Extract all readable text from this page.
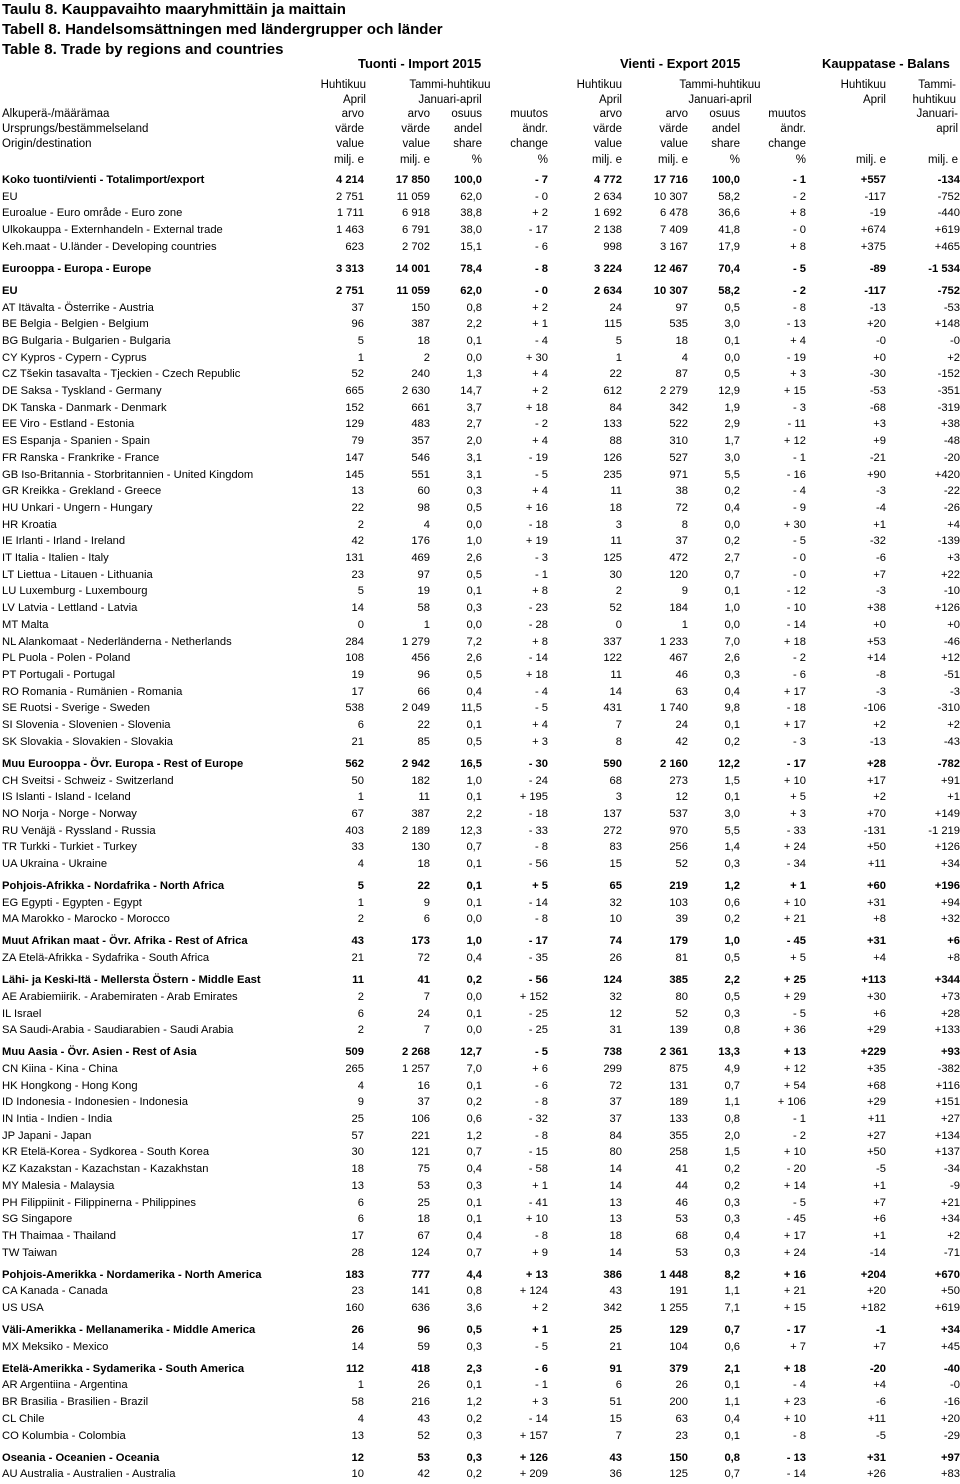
Taulu 8. Kauppavaihto maaryhmittäin ja maittain
Tabell 8. Handelsomsättningen med ländergrupper och länder
Table 8. Trade by regions and countries
Tuonti - Import 2015	Vienti - Export 2015	Kauppatase - Balans
Huhtikuu	Tammi-huhtikuu	Huhtikuu	Tammi-huhtikuu	Huhtikuu	Tammi-
April	Januari-april	April	Januari-april	April	huhtikuu
Alkuperä-/määrämaa
Ursprungs/bestämmelseland
Origin/destination
arvo	arvo	osuus	muutos	arvo	arvo	osuus	muutos	Januari-
värde	värde	andel	ändr.	värde	värde	andel	ändr.	april
value	value	share	change	value	value	share	change
milj. e	milj. e	%	%	milj. e	milj. e	%	%	milj. e	milj. e
Koko tuonti/vienti - Totalimport/export	4 214	17 850	100,0	- 7	4 772	17 716	100,0	- 1	+557	-134
EU	2 751	11 059	62,0	- 0	2 634	10 307	58,2	- 2	-117	-752
Euroalue - Euro område - Euro zone	1 711	6 918	38,8	+ 2	1 692	6 478	36,6	+ 8	-19	-440
Ulkokauppa - Externhandeln - External trade	1 463	6 791	38,0	- 17	2 138	7 409	41,8	- 0	+674	+619
Keh.maat - U.länder - Developing countries	623	2 702	15,1	- 6	998	3 167	17,9	+ 8	+375	+465

Eurooppa - Europa - Europe	3 313	14 001	78,4	- 8	3 224	12 467	70,4	- 5	-89	-1 534

EU	2 751	11 059	62,0	- 0	2 634	10 307	58,2	- 2	-117	-752
AT Itävalta - Österrike - Austria	37	150	0,8	+ 2	24	97	0,5	- 8	-13	-53
BE Belgia - Belgien - Belgium	96	387	2,2	+ 1	115	535	3,0	- 13	+20	+148
BG Bulgaria - Bulgarien - Bulgaria	5	18	0,1	- 4	5	18	0,1	+ 4	-0	-0
CY Kypros - Cypern - Cyprus	1	2	0,0	+ 30	1	4	0,0	- 19	+0	+2
CZ Tšekin tasavalta - Tjeckien - Czech Republic	52	240	1,3	+ 4	22	87	0,5	+ 3	-30	-152
DE Saksa - Tyskland - Germany	665	2 630	14,7	+ 2	612	2 279	12,9	+ 15	-53	-351
DK Tanska - Danmark - Denmark	152	661	3,7	+ 18	84	342	1,9	- 3	-68	-319
EE Viro - Estland - Estonia	129	483	2,7	- 2	133	522	2,9	- 11	+3	+38
ES Espanja - Spanien - Spain	79	357	2,0	+ 4	88	310	1,7	+ 12	+9	-48
FR Ranska - Frankrike - France	147	546	3,1	- 19	126	527	3,0	- 1	-21	-20
GB Iso-Britannia - Storbritannien - United Kingdom	145	551	3,1	- 5	235	971	5,5	- 16	+90	+420
GR Kreikka - Grekland - Greece	13	60	0,3	+ 4	11	38	0,2	- 4	-3	-22
HU Unkari - Ungern - Hungary	22	98	0,5	+ 16	18	72	0,4	- 9	-4	-26
HR Kroatia	2	4	0,0	- 18	3	8	0,0	+ 30	+1	+4
IE Irlanti - Irland - Ireland	42	176	1,0	+ 19	11	37	0,2	- 5	-32	-139
IT Italia - Italien - Italy	131	469	2,6	- 3	125	472	2,7	- 0	-6	+3
LT Liettua - Litauen - Lithuania	23	97	0,5	- 1	30	120	0,7	- 0	+7	+22
LU Luxemburg - Luxembourg	5	19	0,1	+ 8	2	9	0,1	- 12	-3	-10
LV Latvia - Lettland - Latvia	14	58	0,3	- 23	52	184	1,0	- 10	+38	+126
MT Malta	0	1	0,0	- 28	0	1	0,0	- 14	+0	+0
NL Alankomaat - Nederländerna - Netherlands	284	1 279	7,2	+ 8	337	1 233	7,0	+ 18	+53	-46
PL Puola - Polen - Poland	108	456	2,6	- 14	122	467	2,6	- 2	+14	+12
PT Portugali - Portugal	19	96	0,5	+ 18	11	46	0,3	- 6	-8	-51
RO Romania - Rumänien - Romania	17	66	0,4	- 4	14	63	0,4	+ 17	-3	-3
SE Ruotsi - Sverige - Sweden	538	2 049	11,5	- 5	431	1 740	9,8	- 18	-106	-310
SI Slovenia - Slovenien - Slovenia	6	22	0,1	+ 4	7	24	0,1	+ 17	+2	+2
SK Slovakia - Slovakien - Slovakia	21	85	0,5	+ 3	8	42	0,2	- 3	-13	-43

Muu Eurooppa - Övr. Europa - Rest of Europe	562	2 942	16,5	- 30	590	2 160	12,2	- 17	+28	-782
CH Sveitsi - Schweiz - Switzerland	50	182	1,0	- 24	68	273	1,5	+ 10	+17	+91
IS Islanti - Island - Iceland	1	11	0,1	+ 195	3	12	0,1	+ 5	+2	+1
NO Norja - Norge - Norway	67	387	2,2	- 18	137	537	3,0	+ 3	+70	+149
RU Venäjä - Ryssland - Russia	403	2 189	12,3	- 33	272	970	5,5	- 33	-131	-1 219
TR Turkki - Turkiet - Turkey	33	130	0,7	- 8	83	256	1,4	+ 24	+50	+126
UA Ukraina - Ukraine	4	18	0,1	- 56	15	52	0,3	- 34	+11	+34

Pohjois-Afrikka - Nordafrika - North Africa	5	22	0,1	+ 5	65	219	1,2	+ 1	+60	+196
EG Egypti - Egypten - Egypt	1	9	0,1	- 14	32	103	0,6	+ 10	+31	+94
MA Marokko - Marocko - Morocco	2	6	0,0	- 8	10	39	0,2	+ 21	+8	+32

Muut Afrikan maat - Övr. Afrika - Rest of Africa	43	173	1,0	- 17	74	179	1,0	- 45	+31	+6
ZA Etelä-Afrikka - Sydafrika - South Africa	21	72	0,4	- 35	26	81	0,5	+ 5	+4	+8

Lähi- ja Keski-Itä - Mellersta Östern - Middle East	11	41	0,2	- 56	124	385	2,2	+ 25	+113	+344
AE Arabiemiirik. - Arabemiraten - Arab Emirates	2	7	0,0	+ 152	32	80	0,5	+ 29	+30	+73
IL Israel	6	24	0,1	- 25	12	52	0,3	- 5	+6	+28
SA Saudi-Arabia - Saudiarabien - Saudi Arabia	2	7	0,0	- 25	31	139	0,8	+ 36	+29	+133

Muu Aasia - Övr. Asien - Rest of Asia	509	2 268	12,7	- 5	738	2 361	13,3	+ 13	+229	+93
CN Kiina - Kina - China	265	1 257	7,0	+ 6	299	875	4,9	+ 12	+35	-382
HK Hongkong - Hong Kong	4	16	0,1	- 6	72	131	0,7	+ 54	+68	+116
ID Indonesia - Indonesien - Indonesia	9	37	0,2	- 8	37	189	1,1	+ 106	+29	+151
IN Intia - Indien - India	25	106	0,6	- 32	37	133	0,8	- 1	+11	+27
JP Japani - Japan	57	221	1,2	- 8	84	355	2,0	- 2	+27	+134
KR Etelä-Korea - Sydkorea - South Korea	30	121	0,7	- 15	80	258	1,5	+ 10	+50	+137
KZ Kazakstan - Kazachstan - Kazakhstan	18	75	0,4	- 58	14	41	0,2	- 20	-5	-34
MY Malesia - Malaysia	13	53	0,3	+ 1	14	44	0,2	+ 14	+1	-9
PH Filippiinit - Filippinerna - Philippines	6	25	0,1	- 41	13	46	0,3	- 5	+7	+21
SG Singapore	6	18	0,1	+ 10	13	53	0,3	- 45	+6	+34
TH Thaimaa - Thailand	17	67	0,4	- 8	18	68	0,4	+ 17	+1	+2
TW Taiwan	28	124	0,7	+ 9	14	53	0,3	+ 24	-14	-71

Pohjois-Amerikka - Nordamerika - North America	183	777	4,4	+ 13	386	1 448	8,2	+ 16	+204	+670
CA Kanada - Canada	23	141	0,8	+ 124	43	191	1,1	+ 21	+20	+50
US USA	160	636	3,6	+ 2	342	1 255	7,1	+ 15	+182	+619

Väli-Amerikka - Mellanamerika - Middle America	26	96	0,5	+ 1	25	129	0,7	- 17	-1	+34
MX Meksiko - Mexico	14	59	0,3	- 5	21	104	0,6	+ 7	+7	+45

Etelä-Amerikka - Sydamerika - South America	112	418	2,3	- 6	91	379	2,1	+ 18	-20	-40
AR Argentiina - Argentina	1	26	0,1	- 1	6	26	0,1	- 4	+4	-0
BR Brasilia - Brasilien - Brazil	58	216	1,2	+ 3	51	200	1,1	+ 23	-6	-16
CL Chile	4	43	0,2	- 14	15	63	0,4	+ 10	+11	+20
CO Kolumbia - Colombia	13	52	0,3	+ 157	7	23	0,1	- 8	-5	-29

Oseania - Oceanien - Oceania	12	53	0,3	+ 126	43	150	0,8	- 13	+31	+97
AU Australia - Australien - Australia	10	42	0,2	+ 209	36	125	0,7	- 14	+26	+83
